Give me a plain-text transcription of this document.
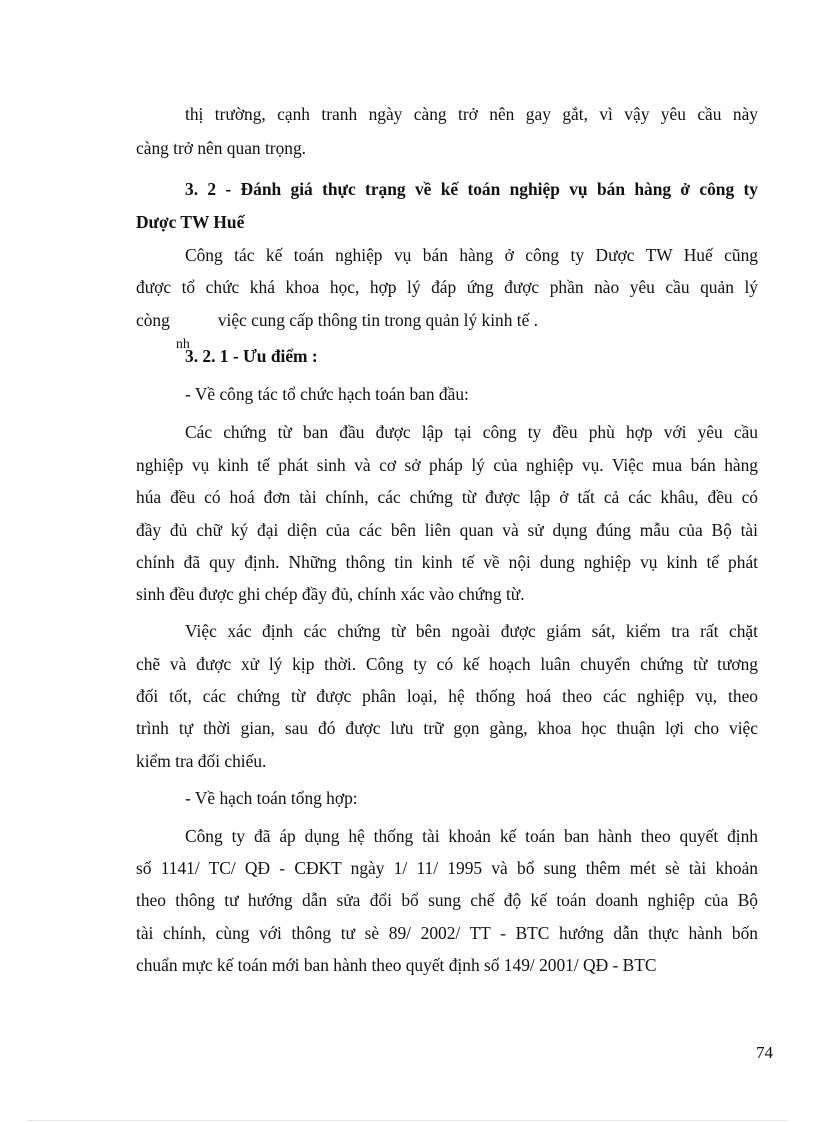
thị trường, cạnh tranh ngày càng trở nên gay gắt, vì vậy yêu cầu này
càng trở nên quan trọng.
3. 2 - Đánh giá thực trạng về kế toán nghiệp vụ bán hàng ở công ty
Dược TW Huế
Công tác kế toán nghiệp vụ bán hàng ở công ty Dược TW Huế cũng
được tổ chức khá khoa học, hợp lý đáp ứng được phần nào yêu cầu quản lý
còng
nh
việc cung cấp thông tin trong quản lý kinh tế .
3. 2. 1 - Ưu điểm :
- Về công tác tổ chức hạch toán ban đầu:
Các chứng từ ban đầu được lập tại công ty đều phù hợp với yêu cầu
nghiệp vụ kinh tế phát sinh và cơ sở pháp lý của nghiệp vụ. Việc mua bán hàng
húa đều có hoá đơn tài chính, các chứng từ được lập ở tất cả các khâu, đều có
đầy đủ chữ ký đại diện của các bên liên quan và sử dụng đúng mẫu của Bộ tài
chính đã quy định. Những thông tin kinh tế về nội dung nghiệp vụ kinh tế phát
sinh đều được ghi chép đầy đủ, chính xác vào chứng từ.
Việc xác định các chứng từ bên ngoài được giám sát, kiểm tra rất chặt
chẽ và được xử lý kịp thời. Công ty có kế hoạch luân chuyển chứng từ tương
đối tốt, các chứng từ được phân loại, hệ thống hoá theo các nghiệp vụ, theo
trình tự thời gian, sau đó được lưu trữ gọn gàng, khoa học thuận lợi cho việc
kiểm tra đối chiếu.
- Về hạch toán tổng hợp:
Công ty đã áp dụng hệ thống tài khoản kế toán ban hành theo quyết định
số 1141/ TC/ QĐ - CĐKT ngày 1/ 11/ 1995 và bổ sung thêm mét sè tài khoản
theo thông tư hướng dẫn sửa đổi bổ sung chế độ kế toán doanh nghiệp của Bộ
tài chính, cùng với thông tư sè 89/ 2002/ TT - BTC hướng dẫn thực hành bốn
chuẩn mực kế toán mới ban hành theo quyết định số 149/ 2001/ QĐ - BTC
74
